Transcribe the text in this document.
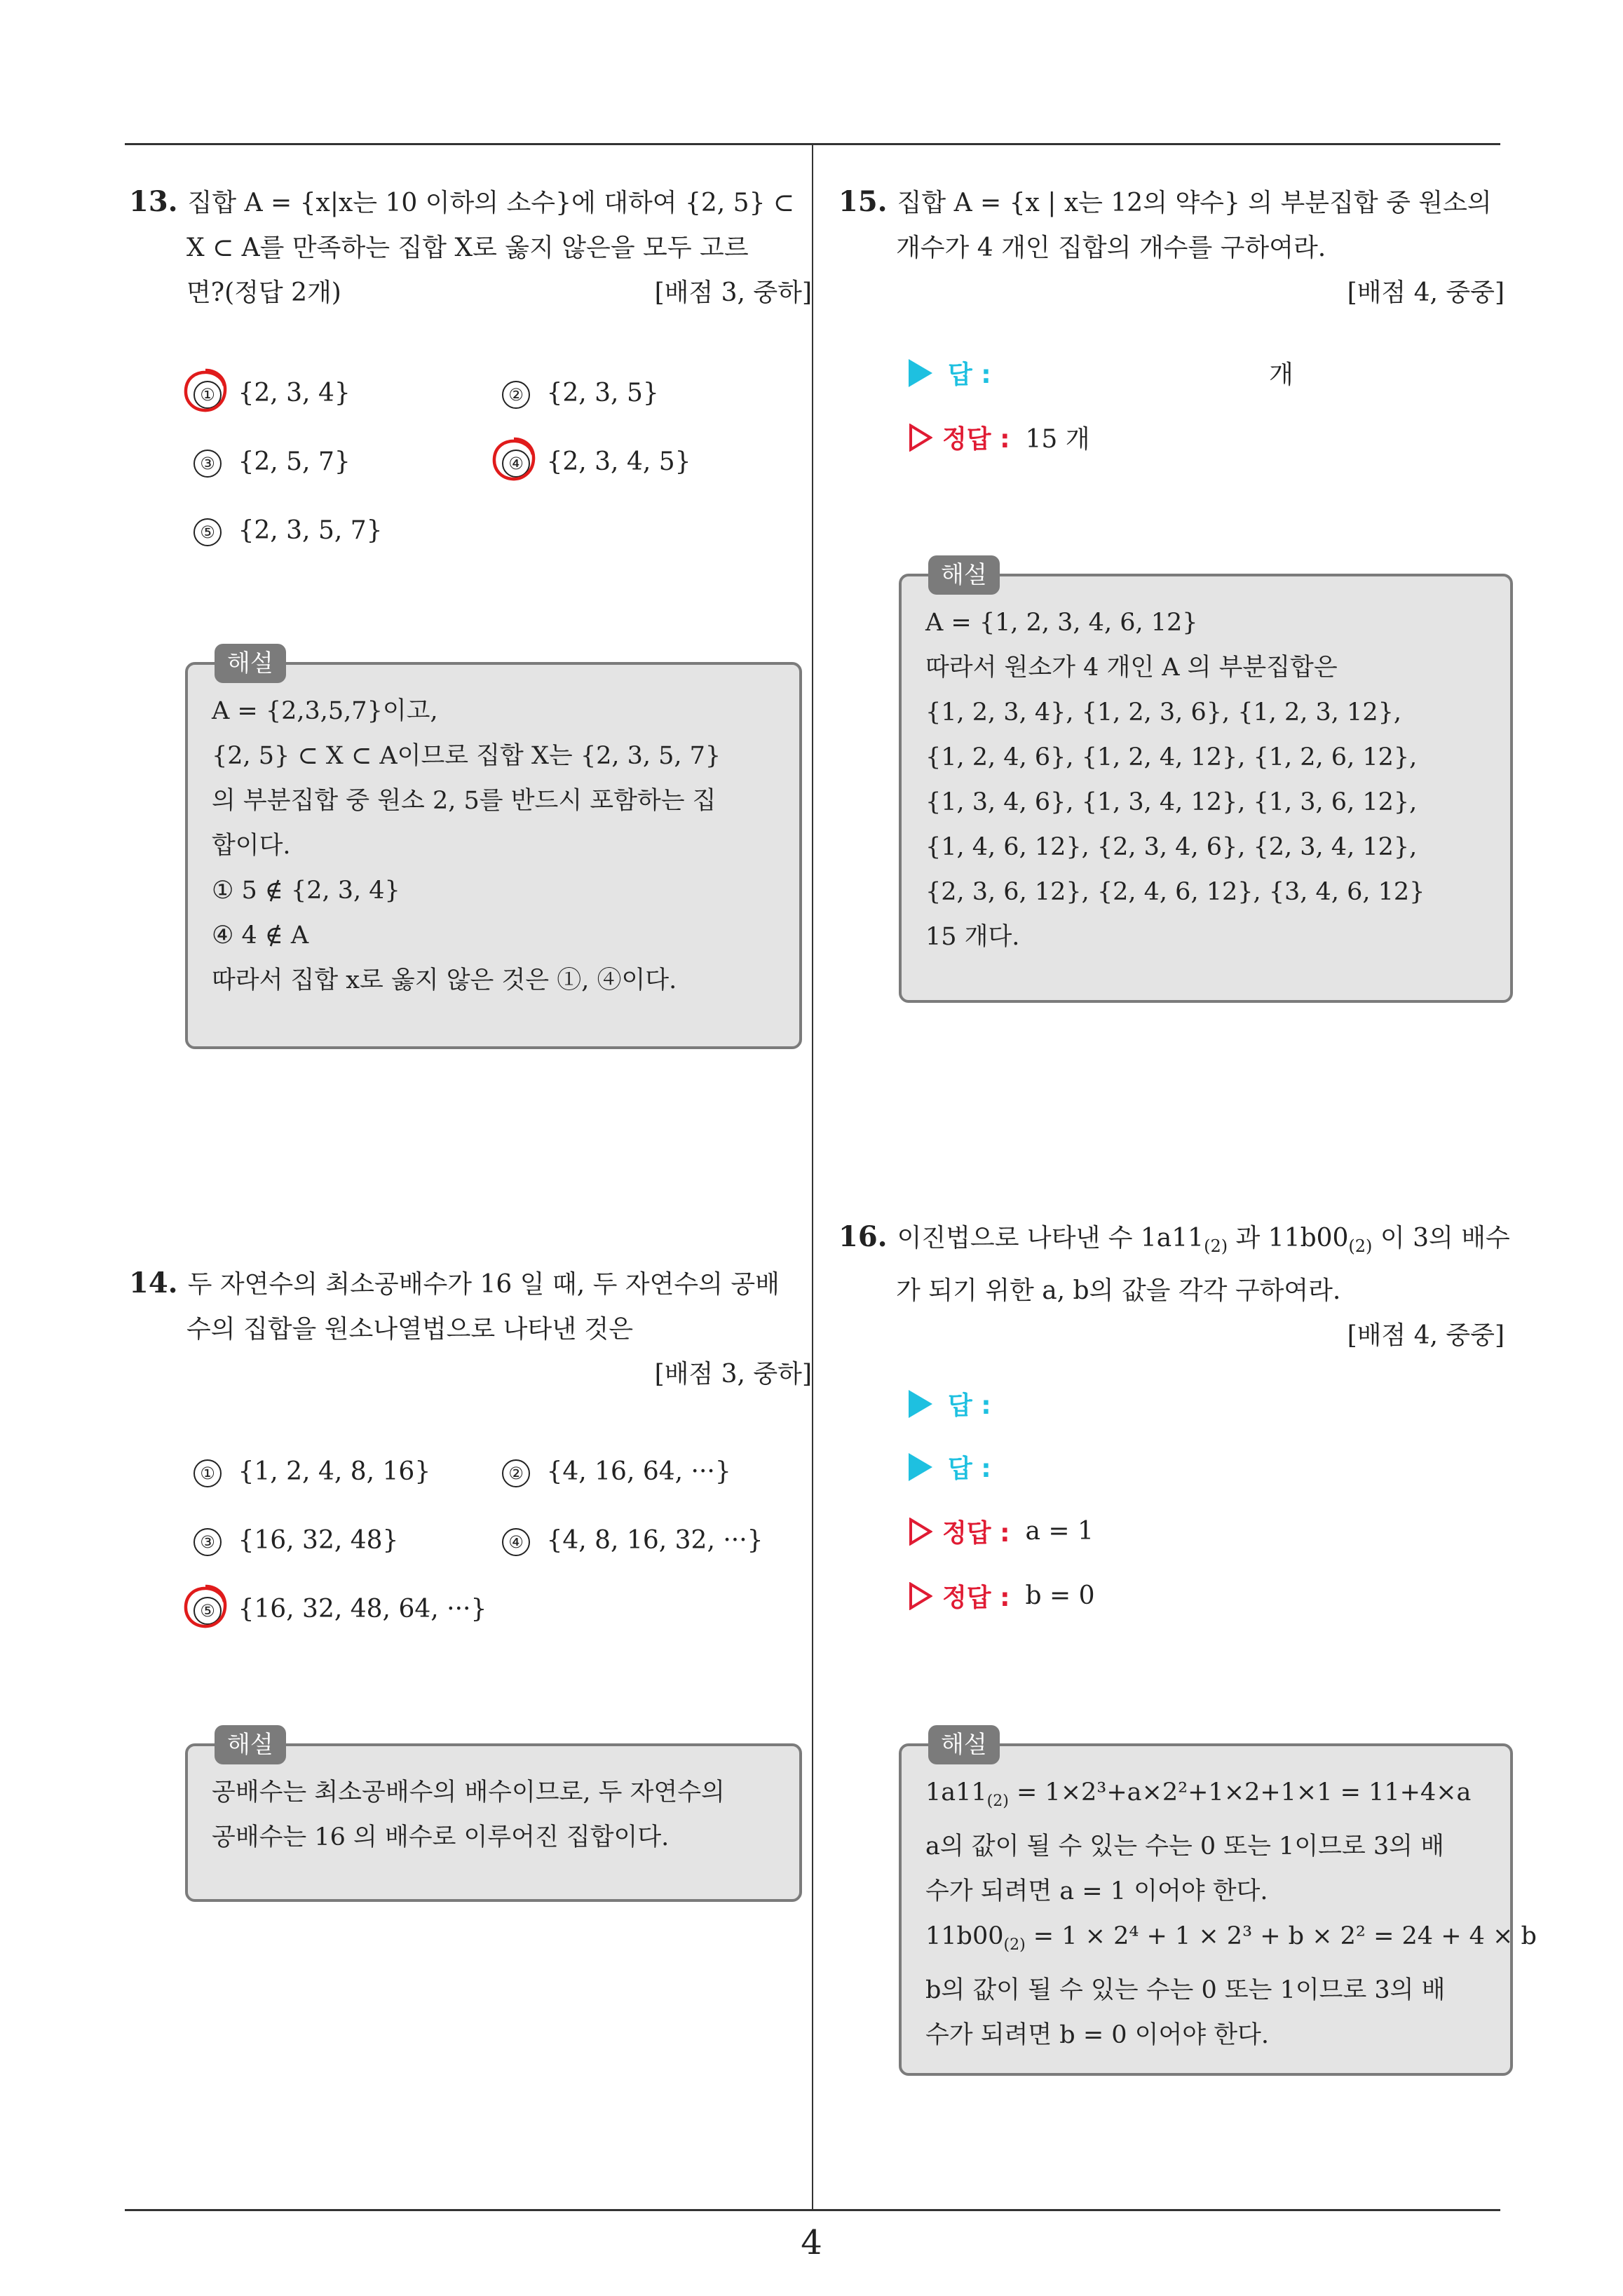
4
13. 집합 A = {x|x는 10 이하의 소수}에 대하여 {2, 5} ⊂
X ⊂ A를 만족하는 집합 X로 옳지 않은을 모두 고르
면?(정답 2개)	[배점 3, 중하]
① {2, 3, 4}	② {2, 3, 5}
③ {2, 5, 7}	④ {2, 3, 4, 5}
⑤ {2, 3, 5, 7}
해설
A = {2,3,5,7}이고,
{2, 5} ⊂ X ⊂ A이므로 집합 X는 {2, 3, 5, 7}
의 부분집합 중 원소 2, 5를 반드시 포함하는 집
합이다.
① 5 ∉ {2, 3, 4}
④ 4 ∉ A
따라서 집합 x로 옳지 않은 것은 ①, ④이다.
14. 두 자연수의 최소공배수가 16 일 때, 두 자연수의 공배
수의 집합을 원소나열법으로 나타낸 것은
[배점 3, 중하]
① {1, 2, 4, 8, 16}	② {4, 16, 64, ···}
③ {16, 32, 48}	④ {4, 8, 16, 32, ···}
⑤ {16, 32, 48, 64, ···}
해설
공배수는 최소공배수의 배수이므로, 두 자연수의
공배수는 16 의 배수로 이루어진 집합이다.
15. 집합 A = {x | x는 12의 약수} 의 부분집합 중 원소의
개수가 4 개인 집합의 개수를 구하여라.
[배점 4, 중중]
답 :	개
정답 : 15 개
해설
A = {1, 2, 3, 4, 6, 12}
따라서 원소가 4 개인 A 의 부분집합은
{1, 2, 3, 4}, {1, 2, 3, 6}, {1, 2, 3, 12},
{1, 2, 4, 6}, {1, 2, 4, 12}, {1, 2, 6, 12},
{1, 3, 4, 6}, {1, 3, 4, 12}, {1, 3, 6, 12},
{1, 4, 6, 12}, {2, 3, 4, 6}, {2, 3, 4, 12},
{2, 3, 6, 12}, {2, 4, 6, 12}, {3, 4, 6, 12}
15 개다.
16. 이진법으로 나타낸 수 $1a11_{(2)}$ 과 $11b00_{(2)}$ 이 3의 배수
가 되기 위한 a, b의 값을 각각 구하여라.
[배점 4, 중중]
답 :
답 :
정답 : a = 1
정답 : b = 0
해설
$1a11_{(2)} = 1\times 2^3+a\times 2^2+1\times 2+1\times 1 = 11+4\times a$
a의 값이 될 수 있는 수는 0 또는 1이므로 3의 배
수가 되려면 a = 1 이어야 한다.
$11b00_{(2)} = 1 \times 2^4 + 1 \times 2^3 + b \times 2^2 = 24 + 4 \times b$
b의 값이 될 수 있는 수는 0 또는 1이므로 3의 배
수가 되려면 b = 0 이어야 한다.
